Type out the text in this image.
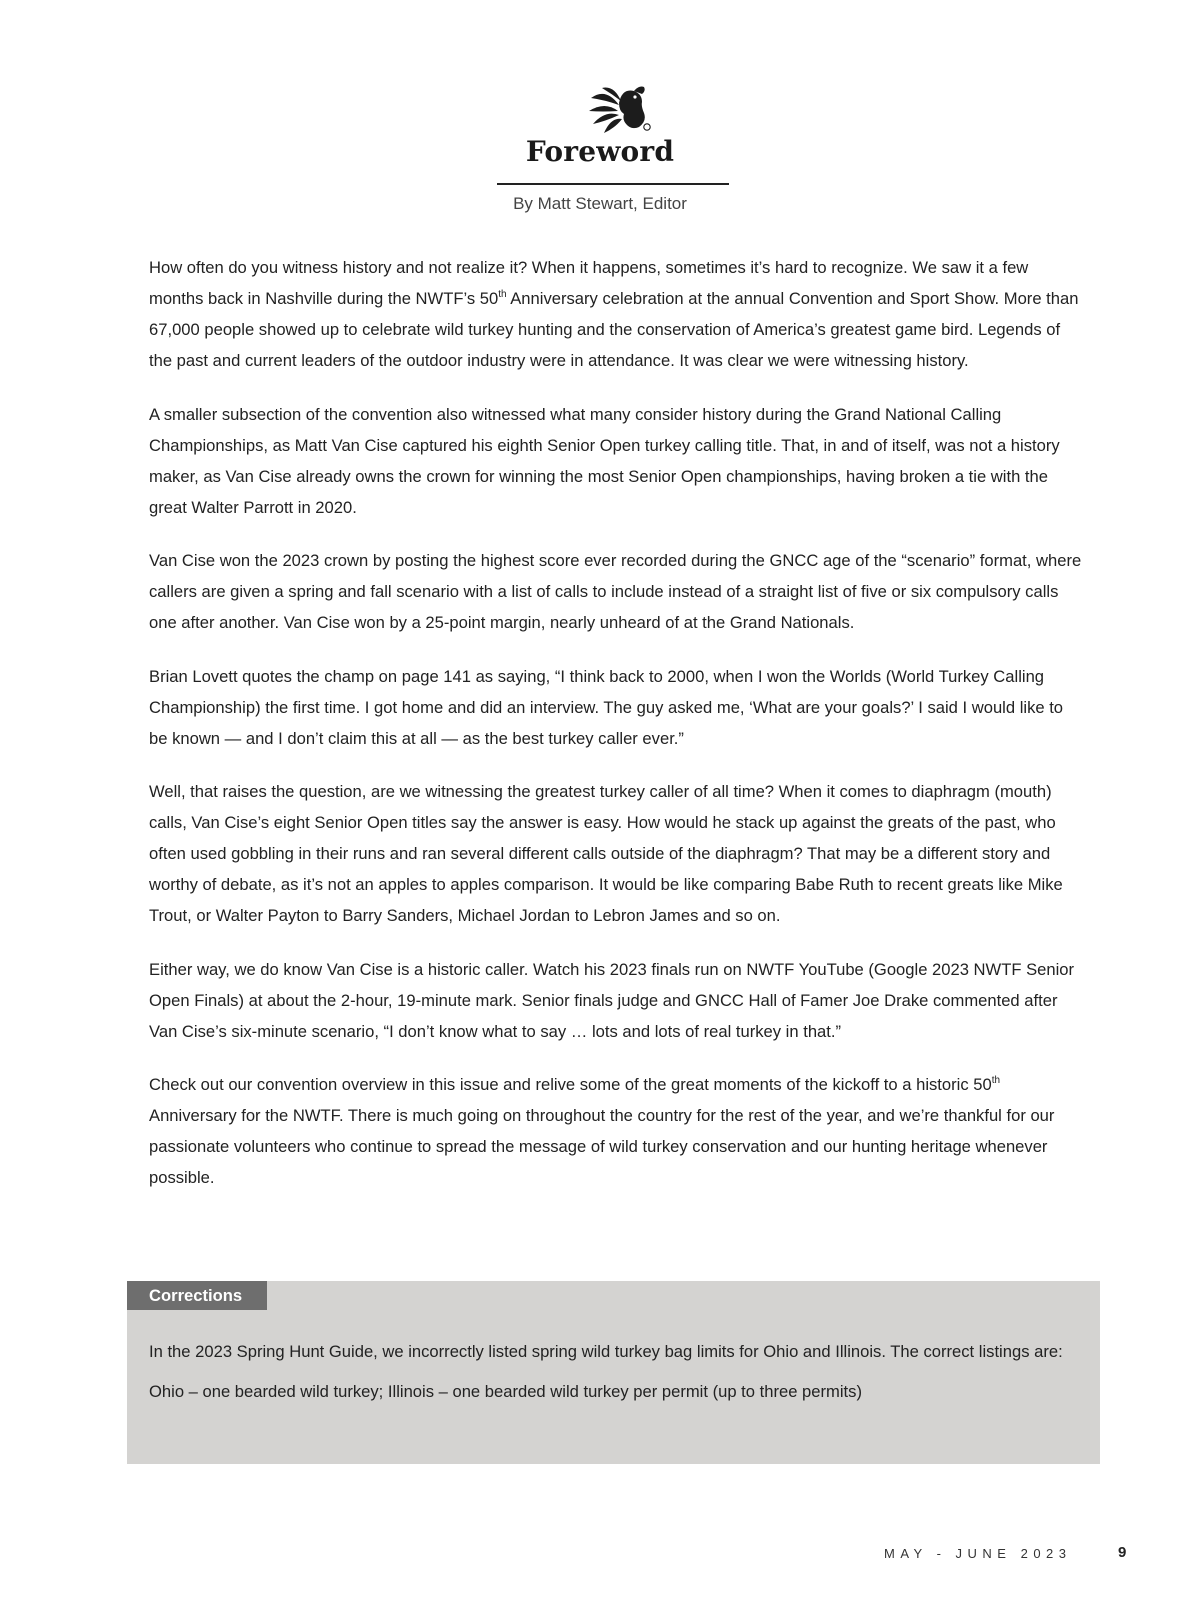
Foreword
By Matt Stewart, Editor

How often do you witness history and not realize it? When it happens, sometimes it’s hard to recognize. We saw it a few months back in Nashville during the NWTF’s 50th Anniversary celebration at the annual Convention and Sport Show. More than 67,000 people showed up to celebrate wild turkey hunting and the conservation of America’s greatest game bird. Legends of the past and current leaders of the outdoor industry were in attendance. It was clear we were witnessing history.

A smaller subsection of the convention also witnessed what many consider history during the Grand National Calling Championships, as Matt Van Cise captured his eighth Senior Open turkey calling title. That, in and of itself, was not a history maker, as Van Cise already owns the crown for winning the most Senior Open championships, having broken a tie with the great Walter Parrott in 2020.

Van Cise won the 2023 crown by posting the highest score ever recorded during the GNCC age of the “scenario” format, where callers are given a spring and fall scenario with a list of calls to include instead of a straight list of five or six compulsory calls one after another. Van Cise won by a 25-point margin, nearly unheard of at the Grand Nationals.

Brian Lovett quotes the champ on page 141 as saying, “I think back to 2000, when I won the Worlds (World Turkey Calling Championship) the first time. I got home and did an interview. The guy asked me, ‘What are your goals?’ I said I would like to be known — and I don’t claim this at all — as the best turkey caller ever.”

Well, that raises the question, are we witnessing the greatest turkey caller of all time? When it comes to diaphragm (mouth) calls, Van Cise’s eight Senior Open titles say the answer is easy. How would he stack up against the greats of the past, who often used gobbling in their runs and ran several different calls outside of the diaphragm? That may be a different story and worthy of debate, as it’s not an apples to apples comparison. It would be like comparing Babe Ruth to recent greats like Mike Trout, or Walter Payton to Barry Sanders, Michael Jordan to Lebron James and so on.

Either way, we do know Van Cise is a historic caller. Watch his 2023 finals run on NWTF YouTube (Google 2023 NWTF Senior Open Finals) at about the 2-hour, 19-minute mark. Senior finals judge and GNCC Hall of Famer Joe Drake commented after Van Cise’s six-minute scenario, “I don’t know what to say … lots and lots of real turkey in that.”

Check out our convention overview in this issue and relive some of the great moments of the kickoff to a historic 50th Anniversary for the NWTF. There is much going on throughout the country for the rest of the year, and we’re thankful for our passionate volunteers who continue to spread the message of wild turkey conservation and our hunting heritage whenever possible.

Corrections

In the 2023 Spring Hunt Guide, we incorrectly listed spring wild turkey bag limits for Ohio and Illinois. The correct listings are:

Ohio – one bearded wild turkey; Illinois – one bearded wild turkey per permit (up to three permits)

MAY - JUNE 2023	9
